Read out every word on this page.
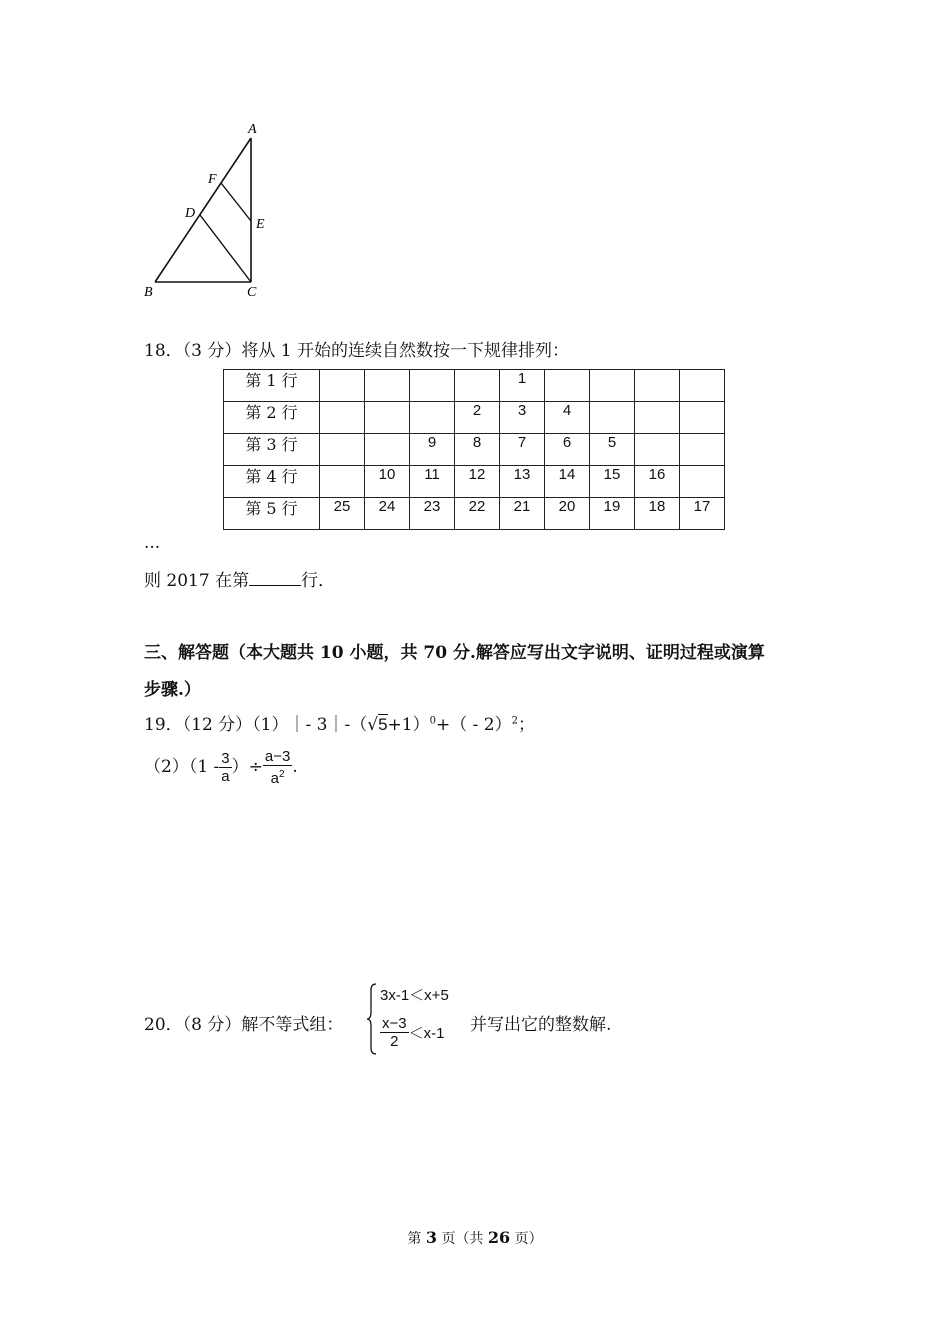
A
F
D
E
B	C
18．（3 分）将从 1 开始的连续自然数按一下规律排列：
第 1 行					1				
第 2 行				2	3	4			
第 3 行			9	8	7	6	5		
第 4 行		10	11	12	13	14	15	16	
第 5 行	25	24	23	22	21	20	19	18	17
...
则 2017 在第	行．
三、解答题（本大题共 10 小题，共 70 分.解答应写出文字说明、证明过程或演算
步骤.）
19．（12 分）（1）｜- $3|-(√5+1)^0+( - 2)^2$；
$(2)(1 - \frac{3}{a}$ ）÷ $\frac{a-3}{a^2}$ .
20．（8 分）解不等式组：
3x-1＜x+5
$\frac{x-3}{2} <x-1$ 并写出它的整数解.
第 3 页（共 26 页）
